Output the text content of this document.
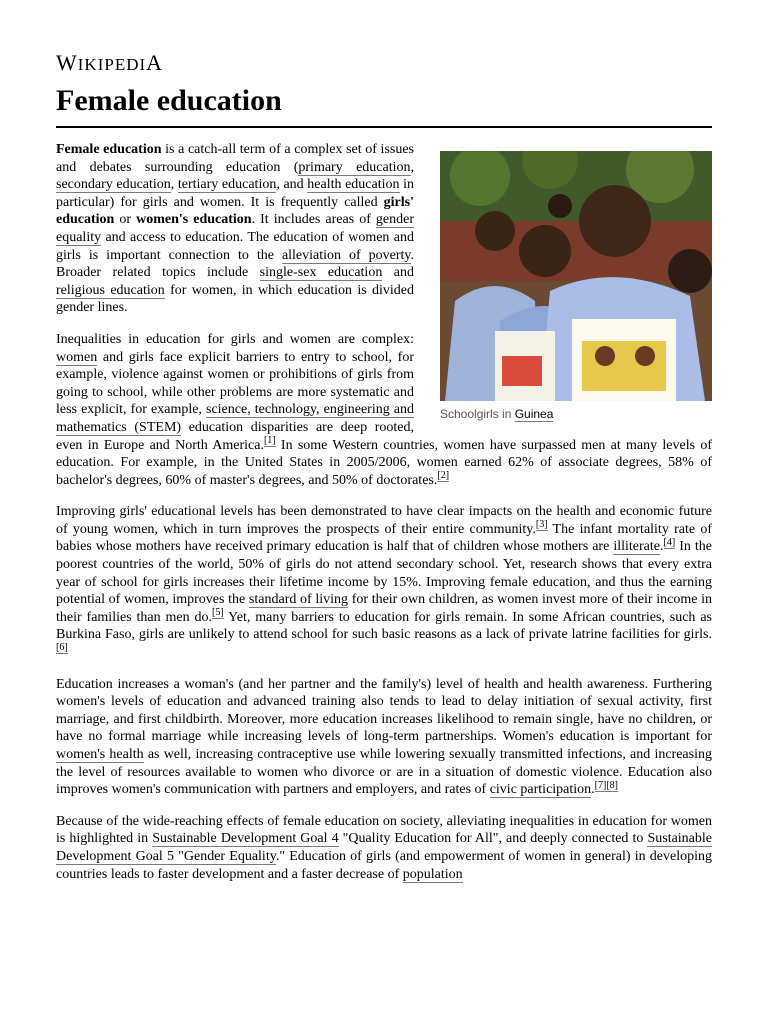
WIKIPEDIA
Female education
Schoolgirls in Guinea

Female education is a catch-all term of a complex set of issues and debates surrounding education (primary education, secondary education, tertiary education, and health education in particular) for girls and women. It is frequently called girls' education or women's education. It includes areas of gender equality and access to education. The education of women and girls is important connection to the alleviation of poverty. Broader related topics include single-sex education and religious education for women, in which education is divided gender lines.

Inequalities in education for girls and women are complex: women and girls face explicit barriers to entry to school, for example, violence against women or prohibitions of girls from going to school, while other problems are more systematic and less explicit, for example, science, technology, engineering and mathematics (STEM) education disparities are deep rooted, even in Europe and North America.[1] In some Western countries, women have surpassed men at many levels of education. For example, in the United States in 2005/2006, women earned 62% of associate degrees, 58% of bachelor's degrees, 60% of master's degrees, and 50% of doctorates.[2]

Improving girls' educational levels has been demonstrated to have clear impacts on the health and economic future of young women, which in turn improves the prospects of their entire community.[3] The infant mortality rate of babies whose mothers have received primary education is half that of children whose mothers are illiterate.[4] In the poorest countries of the world, 50% of girls do not attend secondary school. Yet, research shows that every extra year of school for girls increases their lifetime income by 15%. Improving female education, and thus the earning potential of women, improves the standard of living for their own children, as women invest more of their income in their families than men do.[5] Yet, many barriers to education for girls remain. In some African countries, such as Burkina Faso, girls are unlikely to attend school for such basic reasons as a lack of private latrine facilities for girls.[6]

Education increases a woman's (and her partner and the family's) level of health and health awareness. Furthering women's levels of education and advanced training also tends to lead to delay initiation of sexual activity, first marriage, and first childbirth. Moreover, more education increases likelihood to remain single, have no children, or have no formal marriage while increasing levels of long-term partnerships. Women's education is important for women's health as well, increasing contraceptive use while lowering sexually transmitted infections, and increasing the level of resources available to women who divorce or are in a situation of domestic violence. Education also improves women's communication with partners and employers, and rates of civic participation.[7][8]

Because of the wide-reaching effects of female education on society, alleviating inequalities in education for women is highlighted in Sustainable Development Goal 4 "Quality Education for All", and deeply connected to Sustainable Development Goal 5 "Gender Equality." Education of girls (and empowerment of women in general) in developing countries leads to faster development and a faster decrease of population
